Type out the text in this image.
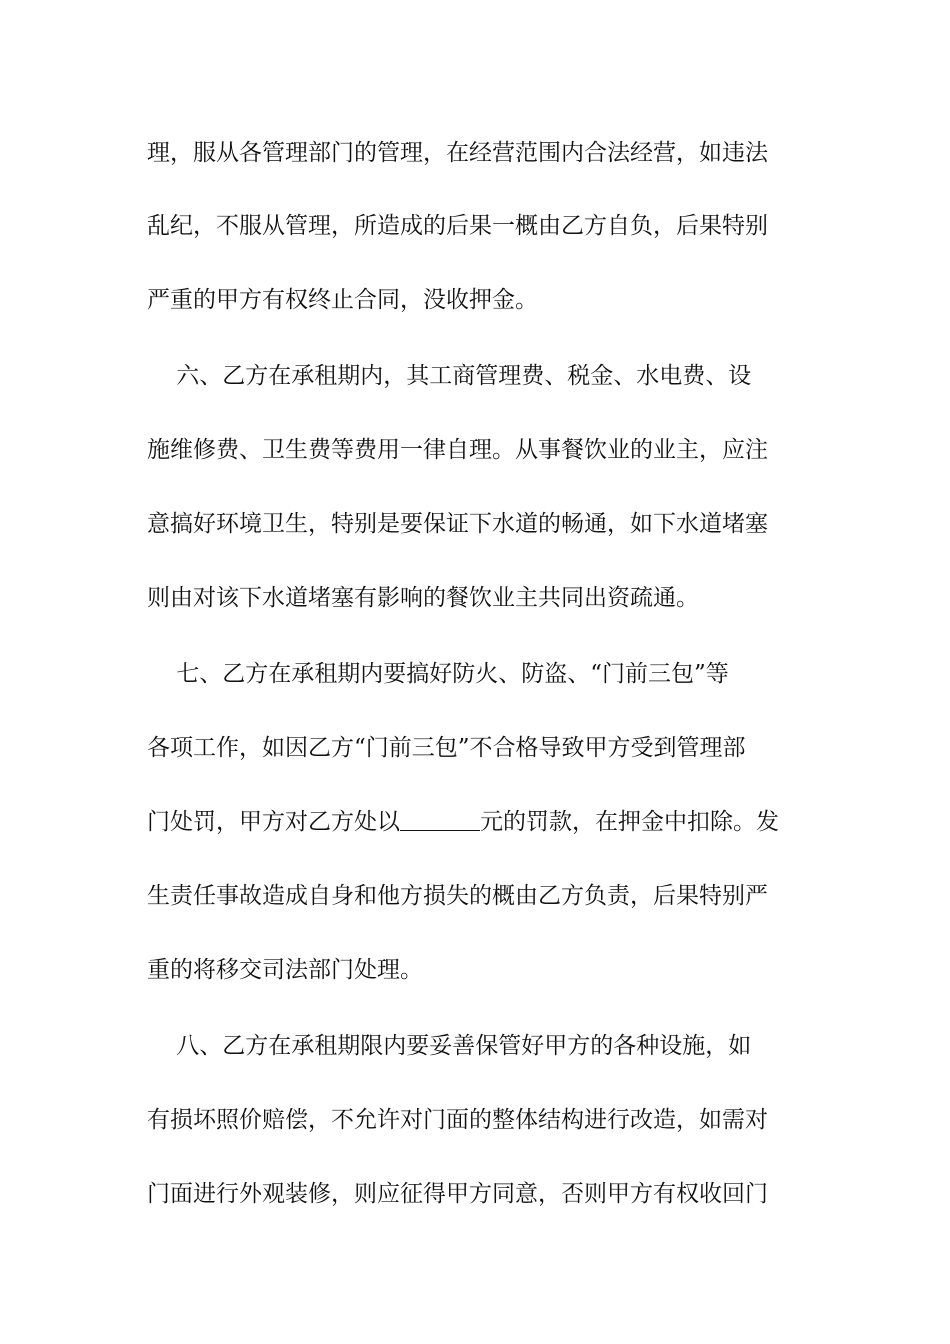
理，服从各管理部门的管理，在经营范围内合法经营，如违法
乱纪，不服从管理，所造成的后果一概由乙方自负，后果特别
严重的甲方有权终止合同，没收押金。
六、乙方在承租期内，其工商管理费、税金、水电费、设
施维修费、卫生费等费用一律自理。从事餐饮业的业主，应注
意搞好环境卫生，特别是要保证下水道的畅通，如下水道堵塞
则由对该下水道堵塞有影响的餐饮业主共同出资疏通。
七、乙方在承租期内要搞好防火、防盗、“门前三包”等
各项工作，如因乙方“门前三包”不合格导致甲方受到管理部
门处罚，甲方对乙方处以	元的罚款，在押金中扣除。发
生责任事故造成自身和他方损失的概由乙方负责，后果特别严
重的将移交司法部门处理。
八、乙方在承租期限内要妥善保管好甲方的各种设施，如
有损坏照价赔偿，不允许对门面的整体结构进行改造，如需对
门面进行外观装修，则应征得甲方同意，否则甲方有权收回门
